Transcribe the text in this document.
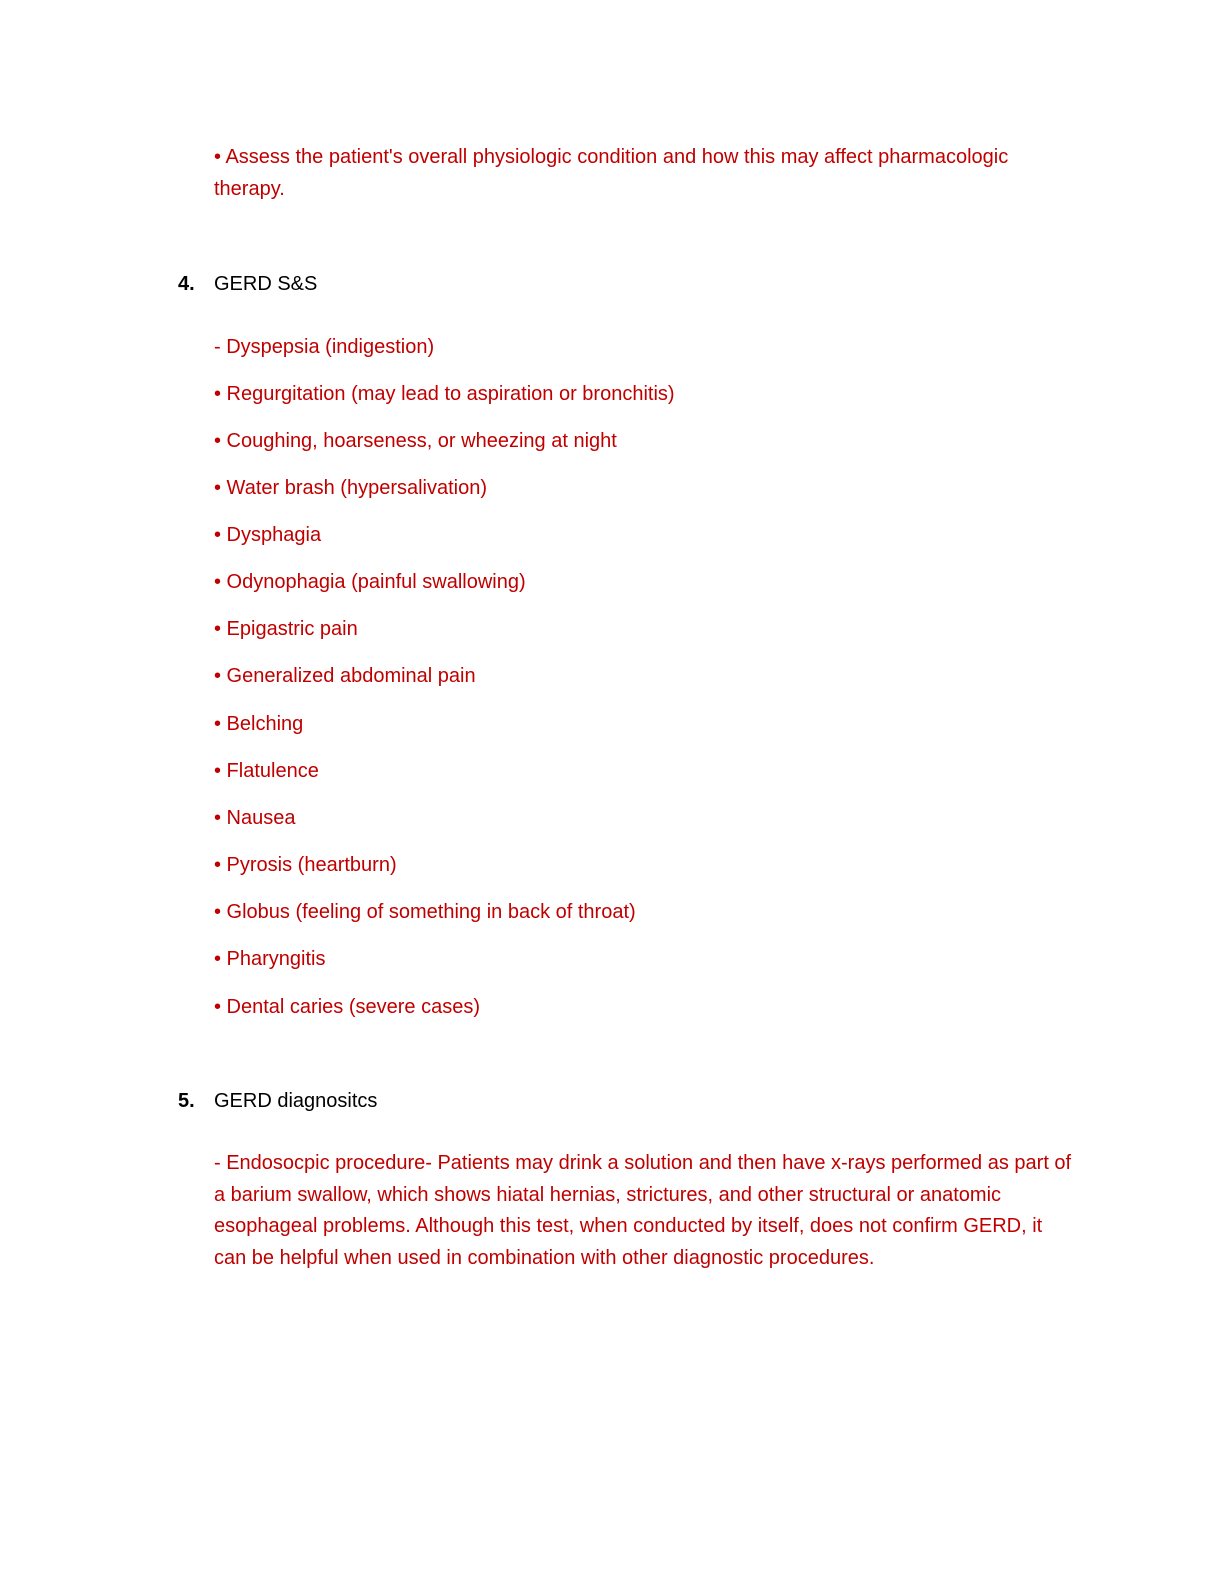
• Assess the patient's overall physiologic condition and how this may affect pharmacologic therapy.
4. GERD S&S
- Dyspepsia (indigestion)
• Regurgitation (may lead to aspiration or bronchitis)
• Coughing, hoarseness, or wheezing at night
• Water brash (hypersalivation)
• Dysphagia
• Odynophagia (painful swallowing)
• Epigastric pain
• Generalized abdominal pain
• Belching
• Flatulence
• Nausea
• Pyrosis (heartburn)
• Globus (feeling of something in back of throat)
• Pharyngitis
• Dental caries (severe cases)
5. GERD diagnositcs
- Endosocpic procedure- Patients may drink a solution and then have x-rays performed as part of a barium swallow, which shows hiatal hernias, strictures, and other structural or anatomic esophageal problems. Although this test, when conducted by itself, does not confirm GERD, it can be helpful when used in combination with other diagnostic procedures.
